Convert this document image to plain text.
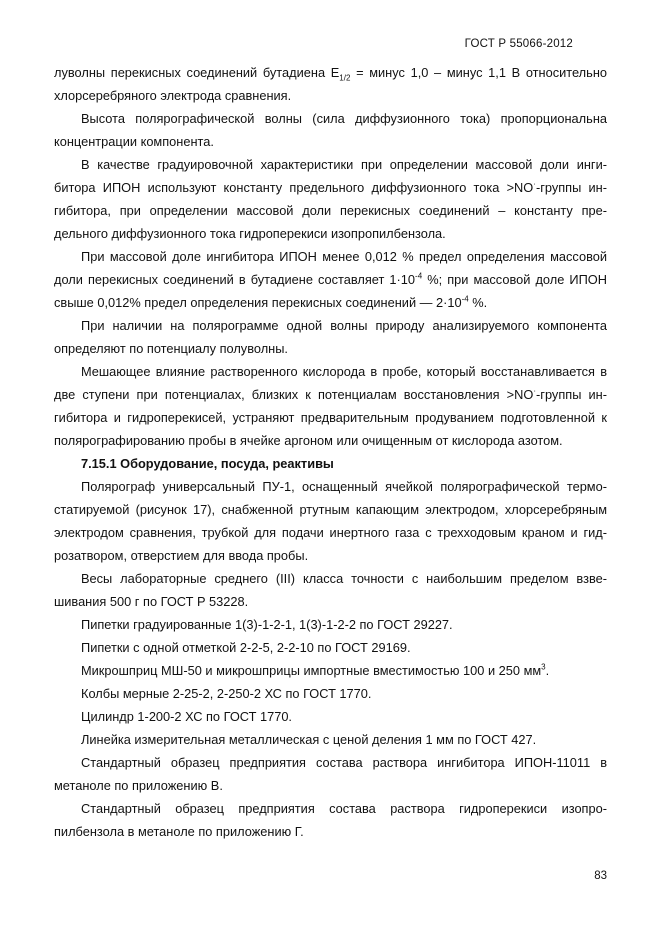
ГОСТ Р 55066-2012

луволны перекисных соединений бутадиена $Е_{1/2}$ = минус 1,0 – минус 1,1 В относительно хлорсеребряного электрода сравнения.

Высота полярографической волны (сила диффузионного тока) пропорциональна концентрации компонента.

В качестве градуировочной характеристики при определении массовой доли ингибитора ИПОН используют константу предельного диффузионного тока >NO·-группы ингибитора, при определении массовой доли перекисных соединений – константу предельного диффузионного тока гидроперекиси изопропилбензола.

При массовой доле ингибитора ИПОН менее 0,012 % предел определения массовой доли перекисных соединений в бутадиене составляет $1\cdot 10^{-4}$ %; при массовой доле ИПОН свыше 0,012% предел определения перекисных соединений — $2\cdot 10^{-4}$ %.

При наличии на полярограмме одной волны природу анализируемого компонента определяют по потенциалу полуволны.

Мешающее влияние растворенного кислорода в пробе, который восстанавливается в две ступени при потенциалах, близких к потенциалам восстановления >NO·-группы ингибитора и гидроперекисей, устраняют предварительным продуванием подготовленной к полярографированию пробы в ячейке аргоном или очищенным от кислорода азотом.

7.15.1 Оборудование, посуда, реактивы

Полярограф универсальный ПУ-1, оснащенный ячейкой полярографической термостатируемой (рисунок 17), снабженной ртутным капающим электродом, хлорсеребряным электродом сравнения, трубкой для подачи инертного газа с трехходовым краном и гидрозатвором, отверстием для ввода пробы.

Весы лабораторные среднего (III) класса точности с наибольшим пределом взвешивания 500 г по ГОСТ Р 53228.

Пипетки градуированные 1(3)-1-2-1, 1(3)-1-2-2 по ГОСТ 29227.

Пипетки с одной отметкой 2-2-5, 2-2-10 по ГОСТ 29169.

Микрошприц МШ-50 и микрошприцы импортные вместимостью 100 и 250 $мм^3$.

Колбы мерные 2-25-2, 2-250-2 ХС по ГОСТ 1770.

Цилиндр 1-200-2 ХС по ГОСТ 1770.

Линейка измерительная металлическая с ценой деления 1 мм по ГОСТ 427.

Стандартный образец предприятия состава раствора ингибитора ИПОН-11011 в метаноле по приложению В.

Стандартный образец предприятия состава раствора гидроперекиси изопропилбензола в метаноле по приложению Г.

83
